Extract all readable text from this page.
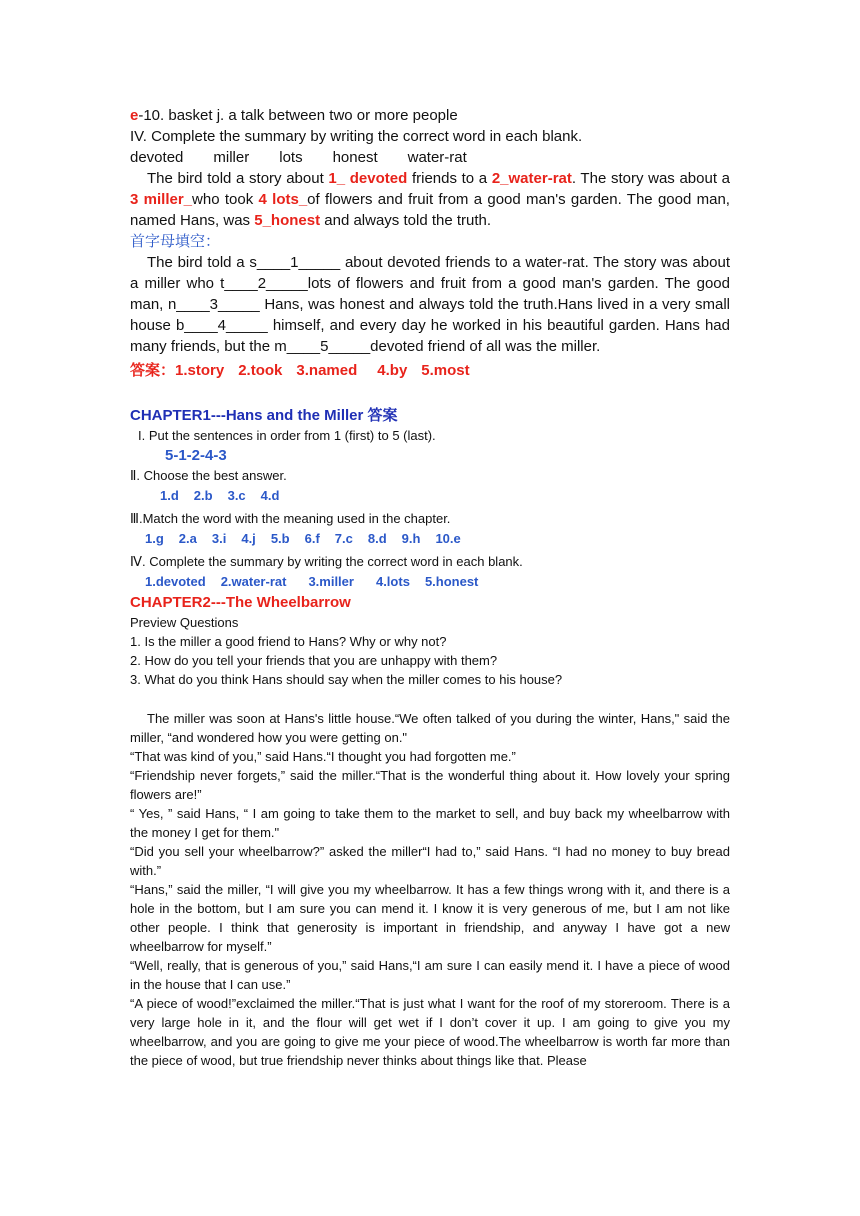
e-10. basket j. a talk between two or more people

IV. Complete the summary by writing the correct word in each blank.

devoted miller lots honest water-rat

The bird told a story about 1_ devoted friends to a 2_water-rat. The story was about a 3 miller_who took 4 lots_of flowers and fruit from a good man's garden. The good man, named Hans, was 5_honest and always told the truth.

首字母填空：

The bird told a s____1_____ about devoted friends to a water-rat. The story was about a miller who t____2_____lots of flowers and fruit from a good man's garden. The good man, n____3_____ Hans, was honest and always told the truth.Hans lived in a very small house b____4_____ himself, and every day he worked in his beautiful garden. Hans had many friends, but the m____5_____devoted friend of all was the miller.

答案：1.story 2.took 3.named 4.by 5.most

CHAPTER1---Hans and the Miller 答案

I. Put the sentences in order from 1 (first) to 5 (last).

5-1-2-4-3

Ⅱ. Choose the best answer.

1.d 2.b 3.c 4.d

Ⅲ.Match the word with the meaning used in the chapter.

1.g 2.a 3.i 4.j 5.b 6.f 7.c 8.d 9.h 10.e

Ⅳ. Complete the summary by writing the correct word in each blank.

1.devoted 2.water-rat 3.miller 4.lots 5.honest

CHAPTER2---The Wheelbarrow

Preview Questions

1. Is the miller a good friend to Hans? Why or why not?

2. How do you tell your friends that you are unhappy with them?

3. What do you think Hans should say when the miller comes to his house?

The miller was soon at Hans's little house.“We often talked of you during the winter, Hans," said the miller, “and wondered how you were getting on."

“That was kind of you,” said Hans.“I thought you had forgotten me.”

“Friendship never forgets,” said the miller.“That is the wonderful thing about it. How lovely your spring flowers are!”

“ Yes, ” said Hans, “ I am going to take them to the market to sell, and buy back my wheelbarrow with the money I get for them."

“Did you sell your wheelbarrow?” asked the miller“I had to,” said Hans. “I had no money to buy bread with.”

“Hans,” said the miller, “I will give you my wheelbarrow. It has a few things wrong with it, and there is a hole in the bottom, but I am sure you can mend it. I know it is very generous of me, but I am not like other people. I think that generosity is important in friendship, and anyway I have got a new wheelbarrow for myself.”

“Well, really, that is generous of you,” said Hans,“I am sure I can easily mend it. I have a piece of wood in the house that I can use.”

“A piece of wood!”exclaimed the miller.“That is just what I want for the roof of my storeroom. There is a very large hole in it, and the flour will get wet if I don’t cover it up. I am going to give you my wheelbarrow, and you are going to give me your piece of wood.The wheelbarrow is worth far more than the piece of wood, but true friendship never thinks about things like that. Please
